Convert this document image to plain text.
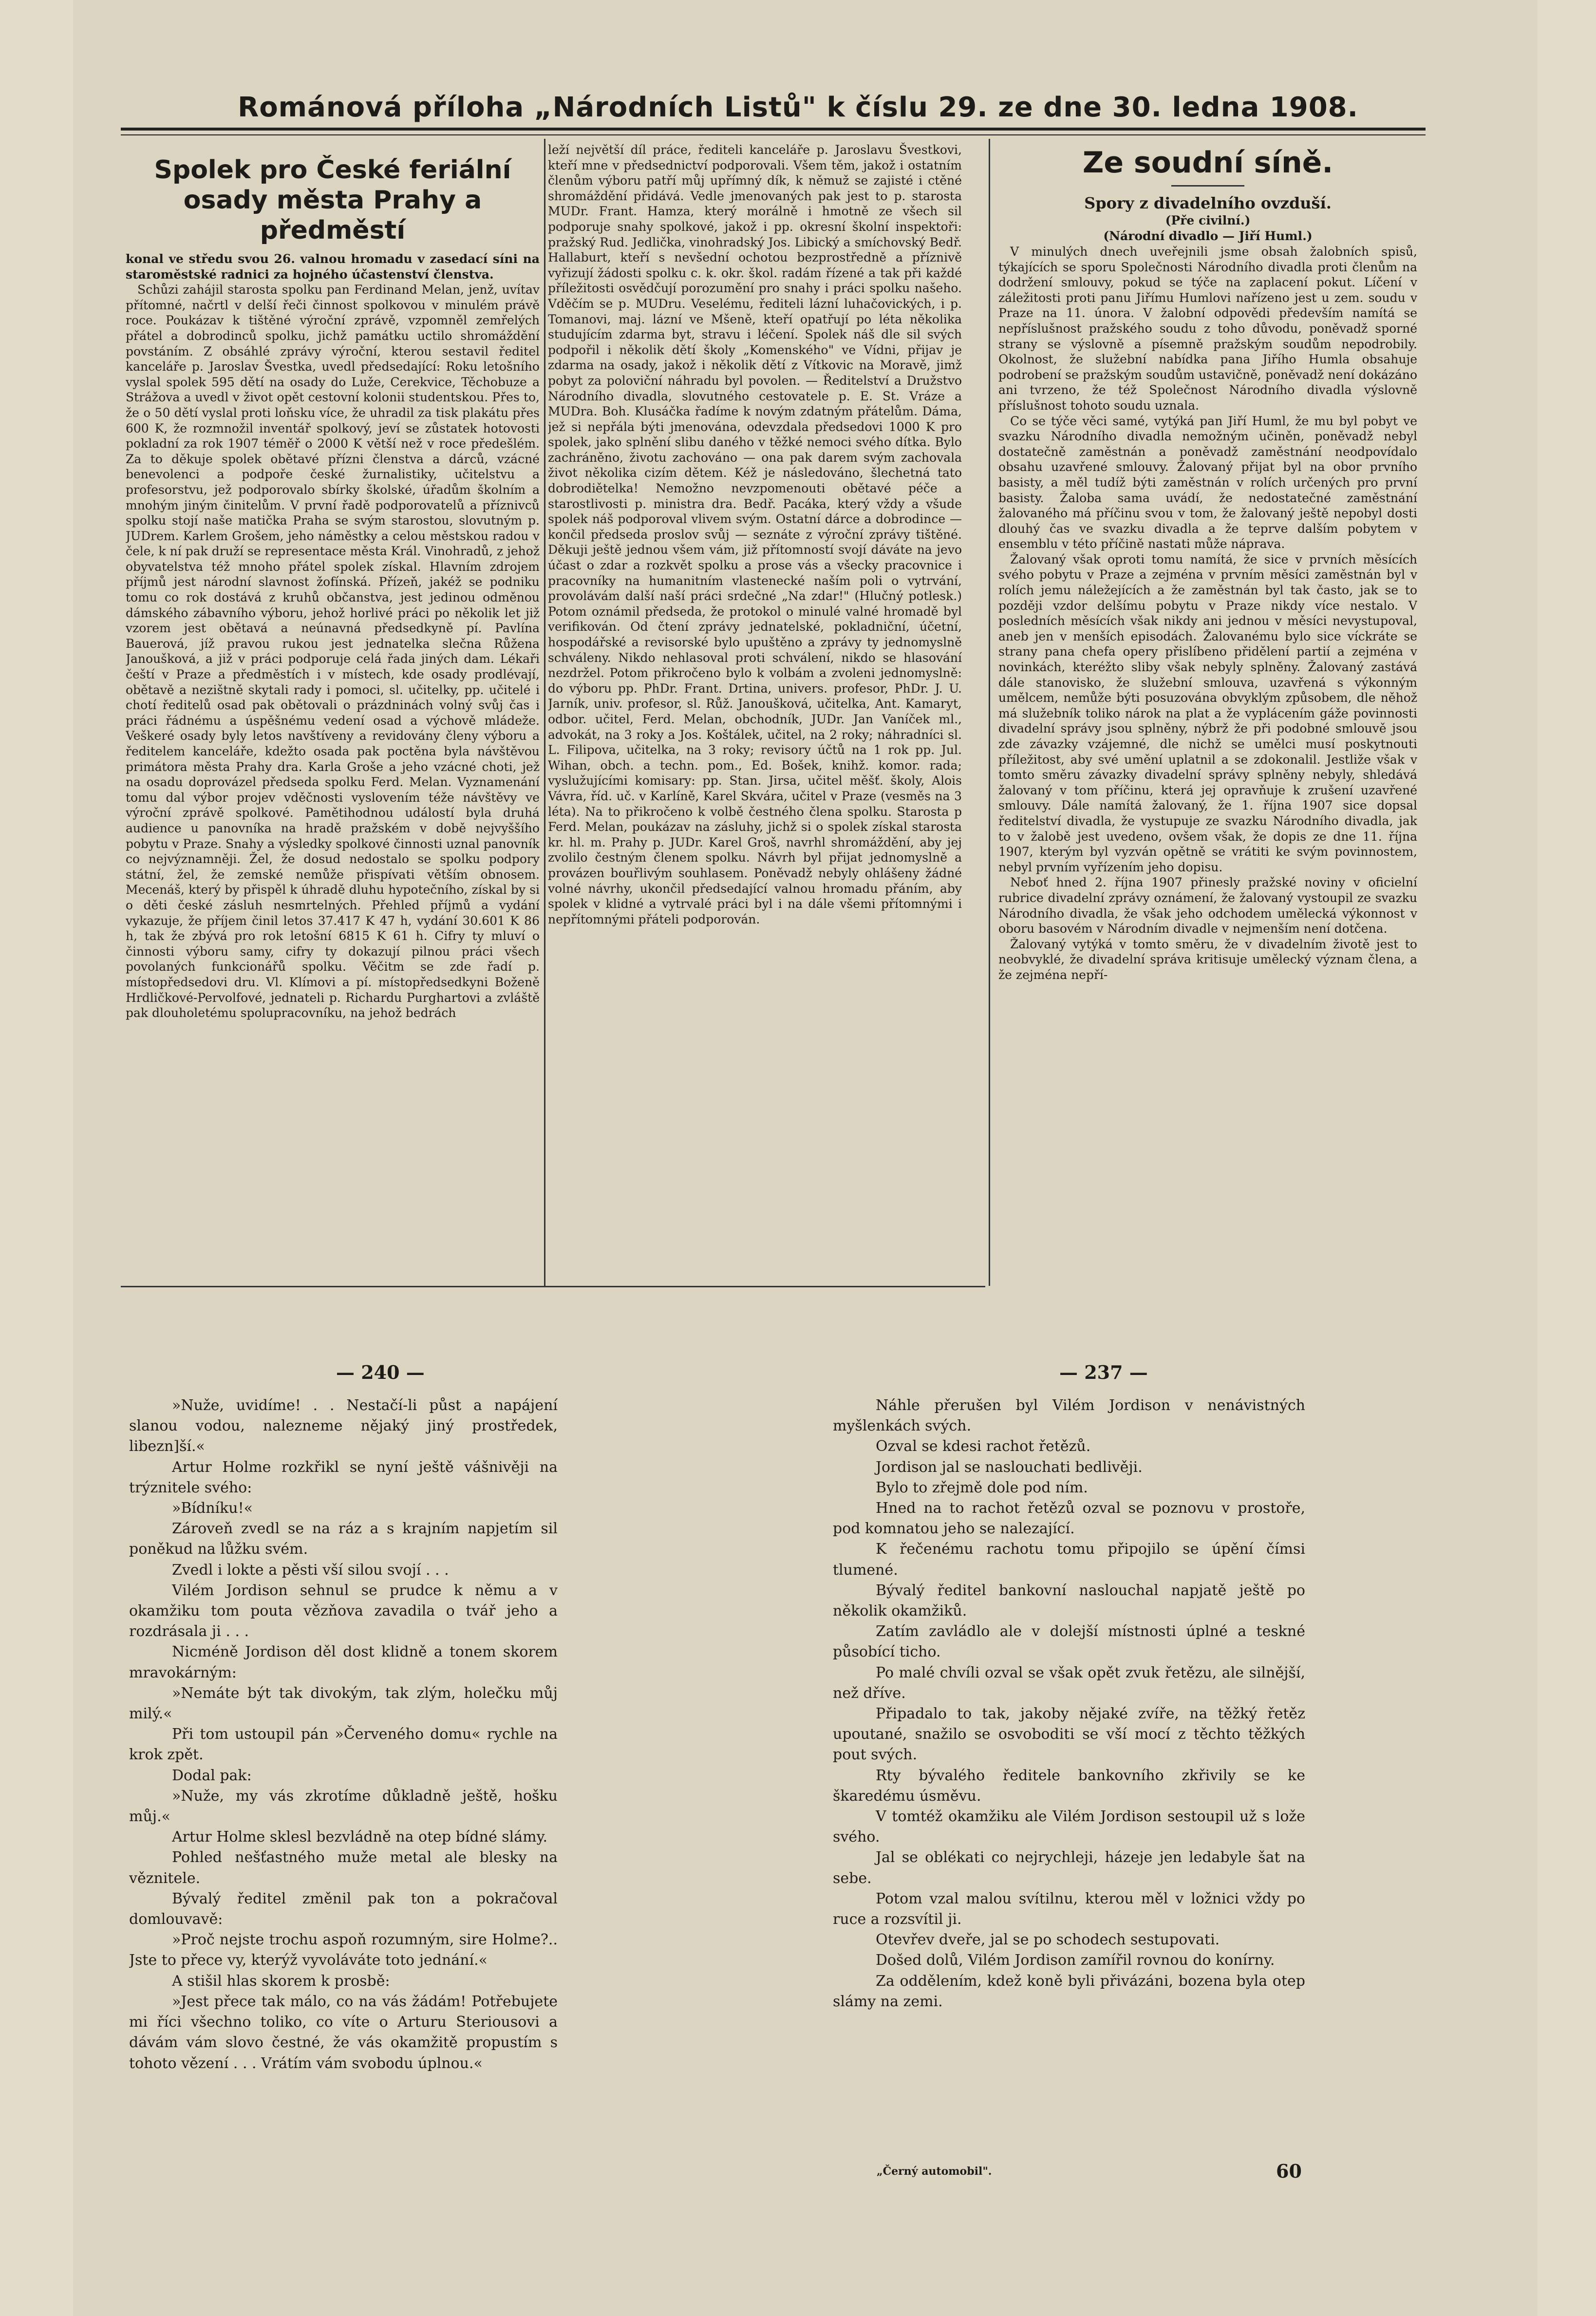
Románová příloha „Národních Listů" k číslu 29. ze dne 30. ledna 1908.

Spolek pro České feriální osady města Prahy a předměstí

konal ve středu svou 26. valnou hromadu v zasedací síni na staroměstské radnici za hojného účastenství členstva.

Schůzi zahájil starosta spolku pan Ferdinand Melan, jenž, uvítav přítomné, načrtl v delší řeči činnost spolkovou v minulém právě roce. Poukázav k tištěné výroční zprávě, vzpomněl zemřelých přátel a dobrodinců spolku, jichž památku uctilo shromáždění povstáním. Z obsáhlé zprávy výroční, kterou sestavil ředitel kanceláře p. Jaroslav Švestka, uvedl předsedající: Roku letošního vyslal spolek 595 dětí na osady do Luže, Cerekvice, Těchobuze a Strážova a uvedl v život opět cestovní kolonii studentskou. Přes to, že o 50 dětí vyslal proti loňsku více, že uhradil za tisk plakátu přes 600 K, že rozmnožil inventář spolkový, jeví se zůstatek hotovosti pokladní za rok 1907 téměř o 2000 K větší než v roce předešlém. Za to děkuje spolek obětavé přízni členstva a dárců, vzácné benevolenci a podpoře české žurnalistiky, učitelstvu a profesorstvu, jež podporovalo sbírky školské, úřadům školním a mnohým jiným činitelům. V první řadě podporovatelů a příznivců spolku stojí naše matička Praha se svým starostou, slovutným p. JUDrem. Karlem Grošem, jeho náměstky a celou městskou radou v čele, k ní pak druží se representace města Král. Vinohradů, z jehož obyvatelstva též mnoho přátel spolek získal. Hlavním zdrojem příjmů jest národní slavnost žofínská. Přízeň, jakéž se podniku tomu co rok dostává z kruhů občanstva, jest jedinou odměnou dámského zábavního výboru, jehož horlivé práci po několik let již vzorem jest obětavá a neúnavná předsedkyně pí. Pavlína Bauerová, jíž pravou rukou jest jednatelka slečna Růžena Janoušková, a již v práci podporuje celá řada jiných dam. Lékaři čeští v Praze a předměstích i v místech, kde osady prodlévají, obětavě a nezištně skytali rady i pomoci, sl. učitelky, pp. učitelé i chotí ředitelů osad pak obětovali o prázdninách volný svůj čas i práci řádnému a úspěšnému vedení osad a výchově mládeže. Veškeré osady byly letos navštíveny a revidovány členy výboru a ředitelem kanceláře, kdežto osada pak poctěna byla návštěvou primátora města Prahy dra. Karla Groše a jeho vzácné choti, jež na osadu doprovázel předseda spolku Ferd. Melan. Vyznamenání tomu dal výbor projev vděčnosti vyslovením téže návštěvy ve výroční zprávě spolkové. Pamětihodnou událostí byla druhá audience u panovníka na hradě pražském v době nejvyššího pobytu v Praze. Snahy a výsledky spolkové činnosti uznal panovník co nejvýznamněji. Žel, že dosud nedostalo se spolku podpory státní, žel, že zemské nemůže přispívati větším obnosem. Mecenáš, který by přispěl k úhradě dluhu hypotečního, získal by si o děti české zásluh nesmrtelných. Přehled příjmů a vydání vykazuje, že příjem činil letos 37.417 K 47 h, vydání 30.601 K 86 h, tak že zbývá pro rok letošní 6815 K 61 h. Cifry ty mluví o činnosti výboru samy, cifry ty dokazují pilnou práci všech povolaných funkcionářů spolku. Věčitm se zde řadí p. místopředsedovi dru. Vl. Klímovi a pí. místopředsedkyni Boženě Hrdličkové-Pervolfové, jednateli p. Richardu Purghartovi a zvláště pak dlouholetému spolupracovníku, na jehož bedrách

leží největší díl práce, řediteli kanceláře p. Jaroslavu Švestkovi, kteří mne v předsednictví podporovali. Všem těm, jakož i ostatním členům výboru patří můj upřímný dík, k němuž se zajisté i ctěné shromáždění přidává. Vedle jmenovaných pak jest to p. starosta MUDr. Frant. Hamza, který morálně i hmotně ze všech sil podporuje snahy spolkové, jakož i pp. okresní školní inspektoři: pražský Rud. Jedlička, vinohradský Jos. Libický a smíchovský Bedř. Hallaburt, kteří s nevšední ochotou bezprostředně a příznivě vyřizují žádosti spolku c. k. okr. škol. radám řízené a tak při každé příležitosti osvědčují porozumění pro snahy i práci spolku našeho. Vděčím se p. MUDru. Veselému, řediteli lázní luhačovických, i p. Tomanovi, maj. lázní ve Mšeně, kteří opatřují po léta několika studujícím zdarma byt, stravu i léčení. Spolek náš dle sil svých podpořil i několik dětí školy „Komenského" ve Vídni, přijav je zdarma na osady, jakož i několik dětí z Vítkovic na Moravě, jimž pobyt za poloviční náhradu byl povolen. — Ředitelství a Družstvo Národního divadla, slovutného cestovatele p. E. St. Vráze a MUDra. Boh. Klusáčka řadíme k novým zdatným přátelům. Dáma, jež si nepřála býti jmenována, odevzdala předsedovi 1000 K pro spolek, jako splnění slibu daného v těžké nemoci svého dítka. Bylo zachráněno, životu zachováno — ona pak darem svým zachovala život několika cizím dětem. Kéž je následováno, šlechetná tato dobrodiětelka! Nemožno nevzpomenouti obětavé péče a starostlivosti p. ministra dra. Bedř. Pacáka, který vždy a všude spolek náš podporoval vlivem svým. Ostatní dárce a dobrodince — končil předseda proslov svůj — seznáte z výroční zprávy tištěné. Děkuji ještě jednou všem vám, již přítomností svojí dáváte na jevo účast o zdar a rozkvět spolku a prose vás a všecky pracovnice i pracovníky na humanitním vlastenecké naším poli o vytrvání, provolávám další naší práci srdečné „Na zdar!" (Hlučný potlesk.) Potom oznámil předseda, že protokol o minulé valné hromadě byl verifikován. Od čtení zprávy jednatelské, pokladniční, účetní, hospodářské a revisorské bylo upuštěno a zprávy ty jednomyslně schváleny. Nikdo nehlasoval proti schválení, nikdo se hlasování nezdržel. Potom přikročeno bylo k volbám a zvoleni jednomyslně: do výboru pp. PhDr. Frant. Drtina, univers. profesor, PhDr. J. U. Jarník, univ. profesor, sl. Růž. Janoušková, učitelka, Ant. Kamaryt, odbor. učitel, Ferd. Melan, obchodník, JUDr. Jan Vaníček ml., advokát, na 3 roky a Jos. Koštálek, učitel, na 2 roky; náhradníci sl. L. Filipova, učitelka, na 3 roky; revisory účtů na 1 rok pp. Jul. Wihan, obch. a techn. pom., Ed. Bošek, knihž. komor. rada; vyslužujícími komisary: pp. Stan. Jirsa, učitel měšť. školy, Alois Vávra, říd. uč. v Karlíně, Karel Skvára, učitel v Praze (vesměs na 3 léta). Na to přikročeno k volbě čestného člena spolku. Starosta p Ferd. Melan, poukázav na zásluhy, jichž si o spolek získal starosta kr. hl. m. Prahy p. JUDr. Karel Groš, navrhl shromáždění, aby jej zvolilo čestným členem spolku. Návrh byl přijat jednomyslně a provázen bouřlivým souhlasem. Poněvadž nebyly ohlášeny žádné volné návrhy, ukončil předsedající valnou hromadu přáním, aby spolek v klidné a vytrvalé práci byl i na dále všemi přítomnými i nepřítomnými přáteli podporován.

Ze soudní síně.

Spory z divadelního ovzduší.

(Pře civilní.)

(Národní divadlo — Jiří Huml.)

V minulých dnech uveřejnili jsme obsah žalobních spisů, týkajících se sporu Společnosti Národního divadla proti členům na dodržení smlouvy, pokud se týče na zaplacení pokut. Líčení v záležitosti proti panu Jiřímu Humlovi nařízeno jest u zem. soudu v Praze na 11. února. V žalobní odpovědi především namítá se nepříslušnost pražského soudu z toho důvodu, poněvadž sporné strany se výslovně a písemně pražským soudům nepodrobily. Okolnost, že služební nabídka pana Jiřího Humla obsahuje podrobení se pražským soudům ustavičně, poněvadž není dokázáno ani tvrzeno, že též Společnost Národního divadla výslovně příslušnost tohoto soudu uznala.

Co se týče věci samé, vytýká pan Jiří Huml, že mu byl pobyt ve svazku Národního divadla nemožným učiněn, poněvadž nebyl dostatečně zaměstnán a poněvadž zaměstnání neodpovídalo obsahu uzavřené smlouvy. Žalovaný přijat byl na obor prvního basisty, a měl tudíž býti zaměstnán v rolích určených pro první basisty. Žaloba sama uvádí, že nedostatečné zaměstnání žalovaného má příčinu svou v tom, že žalovaný ještě nepobyl dosti dlouhý čas ve svazku divadla a že teprve dalším pobytem v ensemblu v této příčině nastati může náprava.

Žalovaný však oproti tomu namítá, že sice v prvních měsících svého pobytu v Praze a zejména v prvním měsíci zaměstnán byl v rolích jemu náležejících a že zaměstnán byl tak často, jak se to později vzdor delšímu pobytu v Praze nikdy více nestalo. V posledních měsících však nikdy ani jednou v měsíci nevystupoval, aneb jen v menších episodách. Žalovanému bylo sice víckráte se strany pana chefa opery přislíbeno přidělení partií a zejména v novinkách, kteréžto sliby však nebyly splněny. Žalovaný zastává dále stanovisko, že služební smlouva, uzavřená s výkonným umělcem, nemůže býti posuzována obvyklým způsobem, dle něhož má služebník toliko nárok na plat a že vyplácením gáže povinnosti divadelní správy jsou splněny, nýbrž že při podobné smlouvě jsou zde závazky vzájemné, dle nichž se umělci musí poskytnouti příležitost, aby své umění uplatnil a se zdokonalil. Jestliže však v tomto směru závazky divadelní správy splněny nebyly, shledává žalovaný v tom příčinu, která jej opravňuje k zrušení uzavřené smlouvy. Dále namítá žalovaný, že 1. října 1907 sice dopsal ředitelství divadla, že vystupuje ze svazku Národního divadla, jak to v žalobě jest uvedeno, ovšem však, že dopis ze dne 11. října 1907, kterým byl vyzván opětně se vrátiti ke svým povinnostem, nebyl prvním vyřízením jeho dopisu.

Neboť hned 2. října 1907 přinesly pražské noviny v oficielní rubrice divadelní zprávy oznámení, že žalovaný vystoupil ze svazku Národního divadla, že však jeho odchodem umělecká výkonnost v oboru basovém v Národním divadle v nejmenším není dotčena.

Žalovaný vytýká v tomto směru, že v divadelním životě jest to neobvyklé, že divadelní správa kritisuje umělecký význam člena, a že zejména nepří-

— 240 —	— 237 —

»Nuže, uvidíme! . . Nestačí-li půst a napájení slanou vodou, nalezneme nějaký jiný prostředek, libezn]ší.«

Artur Holme rozkřikl se nyní ještě vášnivěji na trýznitele svého:

»Bídníku!«

Zároveň zvedl se na ráz a s krajním napjetím sil poněkud na lůžku svém.

Zvedl i lokte a pěsti vší silou svojí . . .

Vilém Jordison sehnul se prudce k němu a v okamžiku tom pouta vězňova zavadila o tvář jeho a rozdrásala ji . . .

Nicméně Jordison děl dost klidně a tonem skorem mravokárným:

»Nemáte být tak divokým, tak zlým, holečku můj milý.«

Při tom ustoupil pán »Červeného domu« rychle na krok zpět.

Dodal pak:

»Nuže, my vás zkrotíme důkladně ještě, hošku můj.«

Artur Holme sklesl bezvládně na otep bídné slámy.

Pohled nešťastného muže metal ale blesky na věznitele.

Bývalý ředitel změnil pak ton a pokračoval domlouvavě:

»Proč nejste trochu aspoň rozumným, sire Holme?.. Jste to přece vy, kterýž vyvoláváte toto jednání.«

A stišil hlas skorem k prosbě:

»Jest přece tak málo, co na vás žádám! Potřebujete mi říci všechno toliko, co víte o Arturu Steriousovi a dávám vám slovo čestné, že vás okamžitě propustím s tohoto vězení . . . Vrátím vám svobodu úplnou.«

Náhle přerušen byl Vilém Jordison v nenávistných myšlenkách svých.

Ozval se kdesi rachot řetězů.

Jordison jal se naslouchati bedlivěji.

Bylo to zřejmě dole pod ním.

Hned na to rachot řetězů ozval se poznovu v prostoře, pod komnatou jeho se nalezající.

K řečenému rachotu tomu připojilo se úpění čímsi tlumené.

Bývalý ředitel bankovní naslouchal napjatě ještě po několik okamžiků.

Zatím zavládlo ale v dolejší místnosti úplné a teskné působící ticho.

Po malé chvíli ozval se však opět zvuk řetězu, ale silnější, než dříve.

Připadalo to tak, jakoby nějaké zvíře, na těžký řetěz upoutané, snažilo se osvoboditi se vší mocí z těchto těžkých pout svých.

Rty bývalého ředitele bankovního zkřivily se ke škaredému úsměvu.

V tomtéž okamžiku ale Vilém Jordison sestoupil už s lože svého.

Jal se oblékati co nejrychleji, házeje jen ledabyle šat na sebe.

Potom vzal malou svítilnu, kterou měl v ložnici vždy po ruce a rozsvítil ji.

Otevřev dveře, jal se po schodech sestupovati.

Došed dolů, Vilém Jordison zamířil rovnou do konírny.

Za oddělením, kdež koně byli přivázáni, bozena byla otep slámy na zemi.

„Černý automobil".	60
